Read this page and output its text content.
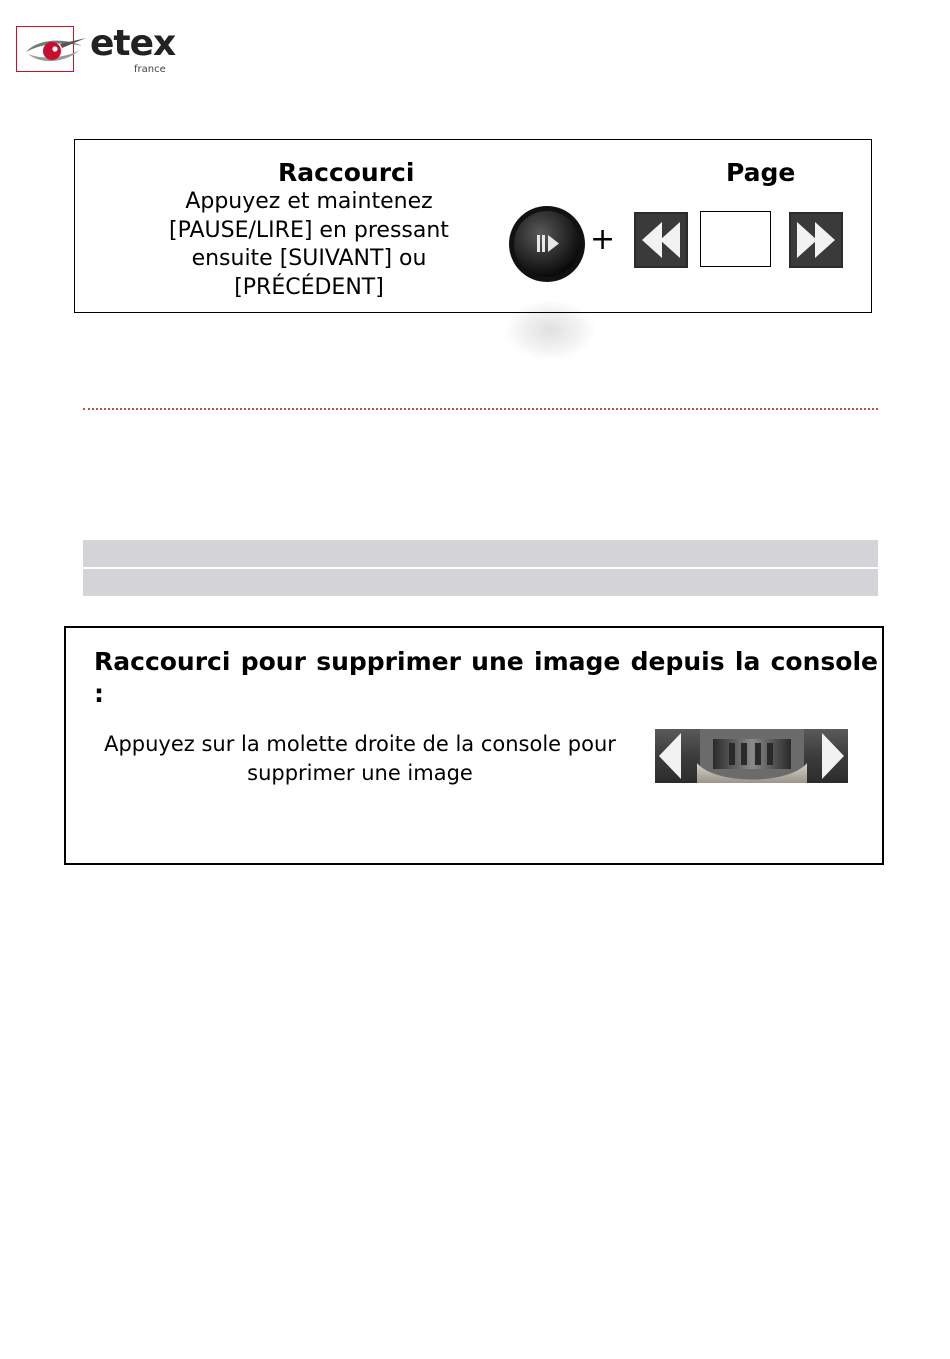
etex
france
Raccourci	Page
Appuyez et maintenez [PAUSE/LIRE] en pressant ensuite [SUIVANT] ou [PRÉCÉDENT]
+
Raccourci pour supprimer une image depuis la console :
Appuyez sur la molette droite de la console pour supprimer une image
